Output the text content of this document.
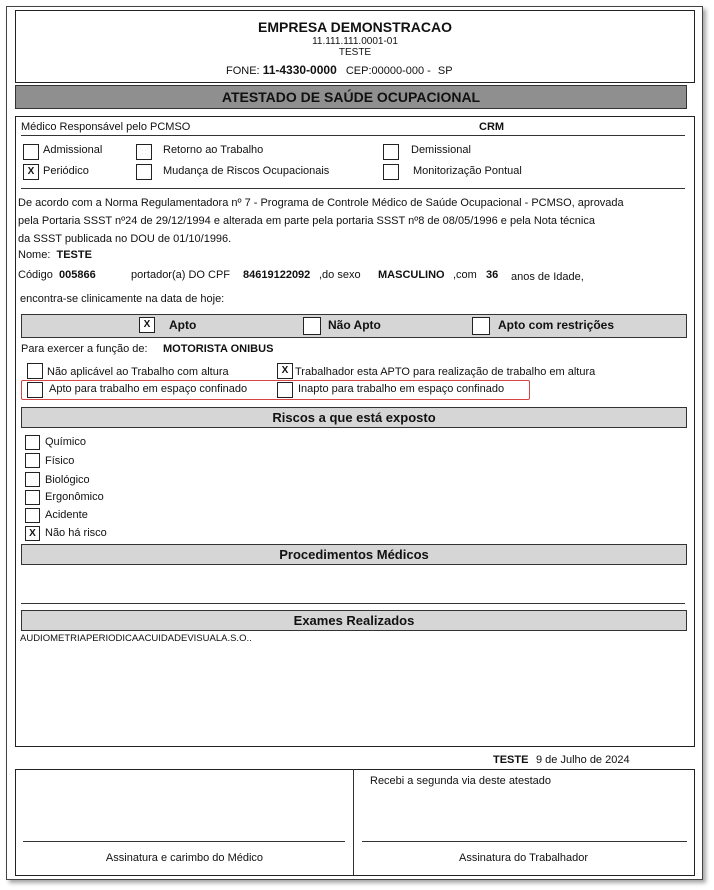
EMPRESA DEMONSTRACAO
11.111.111.0001-01
TESTE
FONE: 11-4330-0000 CEP:00000-000 - SP
ATESTADO DE SAÚDE OCUPACIONAL
Médico Responsável pelo PCMSO	CRM
Admissional	Retorno ao Trabalho	Demissional
X Periódico	Mudança de Riscos Ocupacionais	Monitorização Pontual
De acordo com a Norma Regulamentadora nº 7 - Programa de Controle Médico de Saúde Ocupacional - PCMSO, aprovada
pela Portaria SSST nº24 de 29/12/1994 e alterada em parte pela portaria SSST nº8 de 08/05/1996 e pela Nota técnica
da SSST publicada no DOU de 01/10/1996.
Nome: TESTE
Código 005866	portador(a) DO CPF 84619122092 ,do sexo MASCULINO ,com 36 anos de Idade,
encontra-se clinicamente na data de hoje:
X	Apto	Não Apto	Apto com restrições
Para exercer a função de: MOTORISTA ONIBUS
Não aplicável ao Trabalho com altura	X Trabalhador esta APTO para realização de trabalho em altura
Apto para trabalho em espaço confinado	Inapto para trabalho em espaço confinado
Riscos a que está exposto
Químico
Físico
Biológico
Ergonômico
Acidente
X Não há risco
Procedimentos Médicos
Exames Realizados
AUDIOMETRIAPERIODICAACUIDADEVISUALA.S.O..
TESTE 9 de Julho de 2024
Recebi a segunda via deste atestado
Assinatura e carimbo do Médico	Assinatura do Trabalhador
